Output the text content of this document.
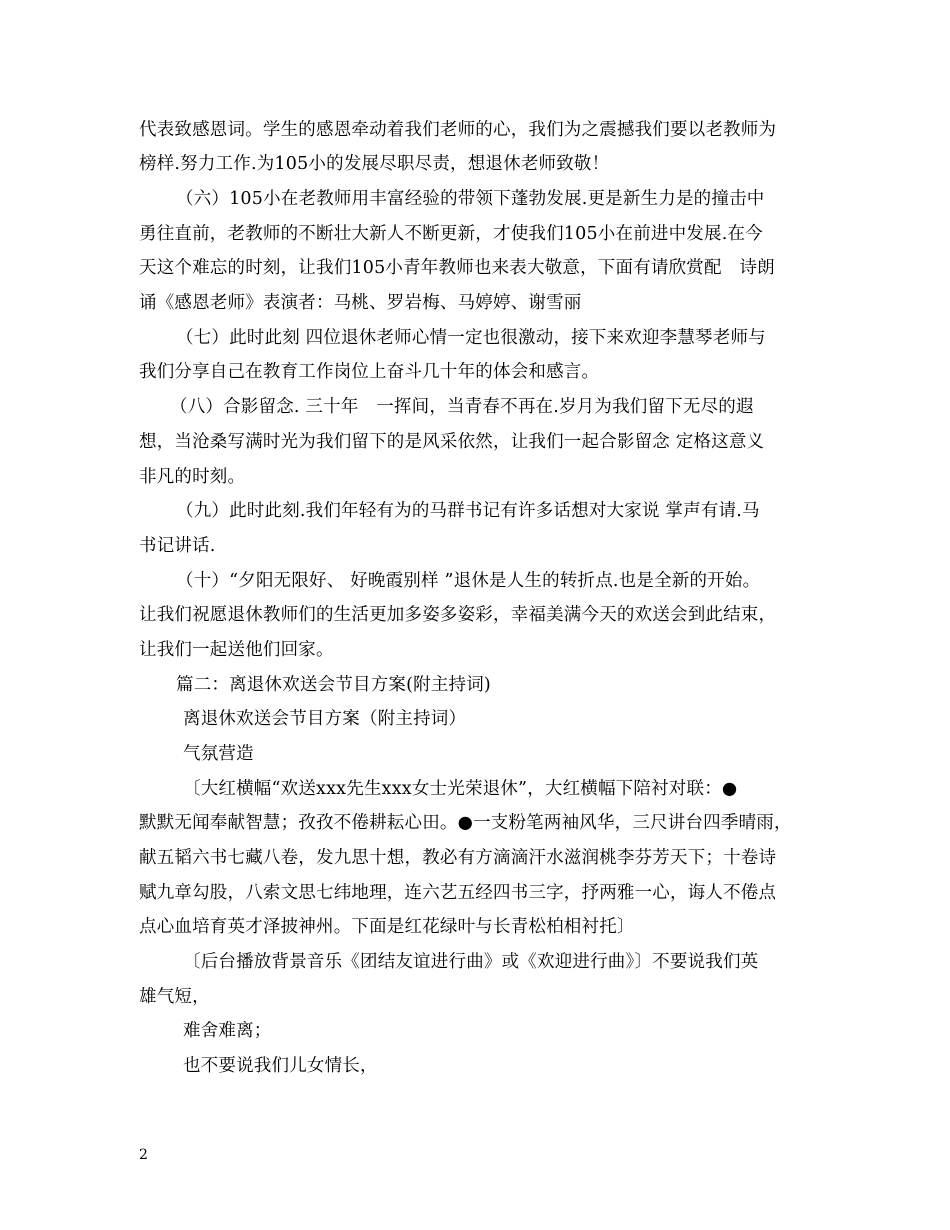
代表致感恩词。学生的感恩牵动着我们老师的心，我们为之震撼我们要以老教师为
榜样.努力工作.为105小的发展尽职尽责，想退休老师致敬！
（六）105小在老教师用丰富经验的带领下蓬勃发展.更是新生力是的撞击中
勇往直前，老教师的不断壮大新人不断更新，才使我们105小在前进中发展.在今
天这个难忘的时刻，让我们105小青年教师也来表大敬意，下面有请欣赏配　诗朗
诵《感恩老师》表演者：马桃、罗岩梅、马婷婷、谢雪丽
（七）此时此刻 四位退休老师心情一定也很激动，接下来欢迎李慧琴老师与
我们分享自己在教育工作岗位上奋斗几十年的体会和感言。
（八）合影留念. 三十年　一挥间，当青春不再在.岁月为我们留下无尽的遐
想，当沧桑写满时光为我们留下的是风采依然，让我们一起合影留念 定格这意义
非凡的时刻。
（九）此时此刻.我们年轻有为的马群书记有许多话想对大家说 掌声有请.马
书记讲话.
（十）“夕阳无限好、 好晚霞别样 ”退休是人生的转折点.也是全新的开始。
让我们祝愿退休教师们的生活更加多姿多姿彩，幸福美满今天的欢送会到此结束，
让我们一起送他们回家。
篇二：离退休欢送会节目方案(附主持词)
离退休欢送会节目方案（附主持词）
气氛营造
〔大红横幅“欢送xxx先生xxx女士光荣退休”，大红横幅下陪衬对联：●
默默无闻奉献智慧；孜孜不倦耕耘心田。●一支粉笔两袖风华，三尺讲台四季晴雨，
献五韬六书七藏八卷，发九思十想，教必有方滴滴汗水滋润桃李芬芳天下；十卷诗
赋九章勾股，八索文思七纬地理，连六艺五经四书三字，抒两雅一心，诲人不倦点
点心血培育英才泽披神州。下面是红花绿叶与长青松柏相衬托〕
〔后台播放背景音乐《团结友谊进行曲》或《欢迎进行曲》〕不要说我们英
雄气短，
难舍难离；
也不要说我们儿女情长，
2
